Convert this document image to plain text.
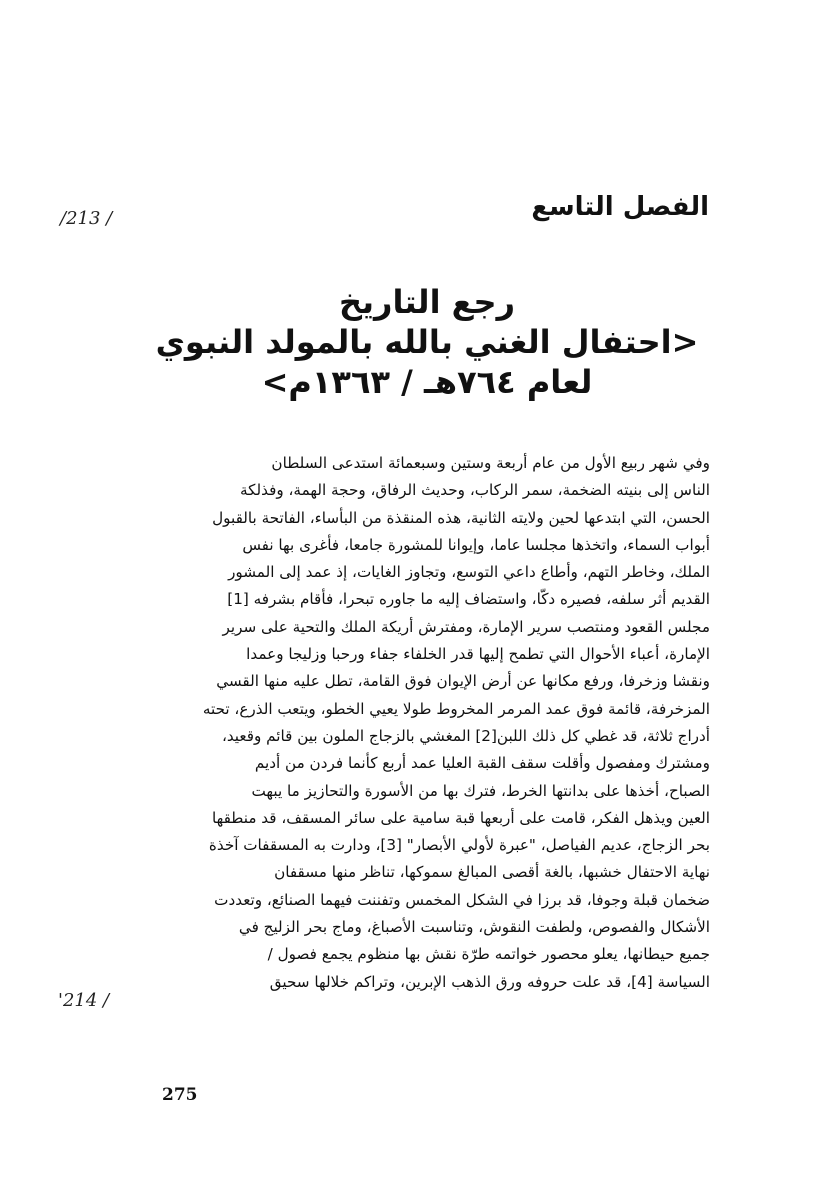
/213 /	الفصل التاسع
رجع التاريخ
<احتفال الغني بالله بالمولد النبوي
لعام ٧٦٤هـ / ١٣٦٣م>
وفي شهر ربيع الأول من عام أربعة وستين وسبعمائة استدعى السلطان
الناس إلى بنيته الضخمة، سمر الركاب، وحديث الرفاق، وحجة الهمة، وفذلكة
الحسن، التي ابتدعها لحين ولايته الثانية، هذه المنقذة من البأساء، الفاتحة بالقبول
أبواب السماء، واتخذها مجلسا عاما، وإيوانا للمشورة جامعا، فأغرى بها نفس
الملك، وخاطر التهم، وأطاع داعي التوسع، وتجاوز الغايات، إذ عمد إلى المشور
القديم أثر سلفه، فصيره دكّا، واستضاف إليه ما جاوره تبحرا، فأقام بشرفه [1]
مجلس القعود ومنتصب سرير الإمارة، ومفترش أريكة الملك والتحية على سرير
الإمارة، أعباء الأحوال التي تطمح إليها قدر الخلفاء جفاء ورحبا وزليجا وعمدا
ونقشا وزخرفا، ورفع مكانها عن أرض الإيوان فوق القامة، تطل عليه منها القسي
المزخرفة، قائمة فوق عمد المرمر المخروط طولا يعيي الخطو، ويتعب الذرع، تحته
أدراج ثلاثة، قد غطي كل ذلك اللبن[2] المغشي بالزجاج الملون بين قائم وقعيد،
ومشترك ومفصول وأقلت سقف القبة العليا عمد أربع كأنما فردن من أديم
الصباح، أخذها على بدانتها الخرط، فترك بها من الأسورة والتحازيز ما يبهت
العين ويذهل الفكر، قامت على أربعها قبة سامية على سائر المسقف، قد منطقها
بحر الزجاج، عديم الفياصل، "عبرة لأولي الأبصار" [3]، ودارت به المسقفات آخذة
نهاية الاحتفال خشبها، بالغة أقصى المبالغ سموكها، تناظر منها مسقفان
ضخمان قبلة وجوفا، قد برزا في الشكل المخمس وتفننت فيهما الصنائع، وتعددت
الأشكال والفصوص، ولطفت النقوش، وتناسبت الأصباغ، وماج بحر الزليج في
جميع حيطانها، يعلو محصور خواتمه طرّة نقش بها منظوم يجمع فصول /
السياسة [4]، قد علت حروفه ورق الذهب الإبرين، وتراكم خلالها سحيق
'214 /
275
